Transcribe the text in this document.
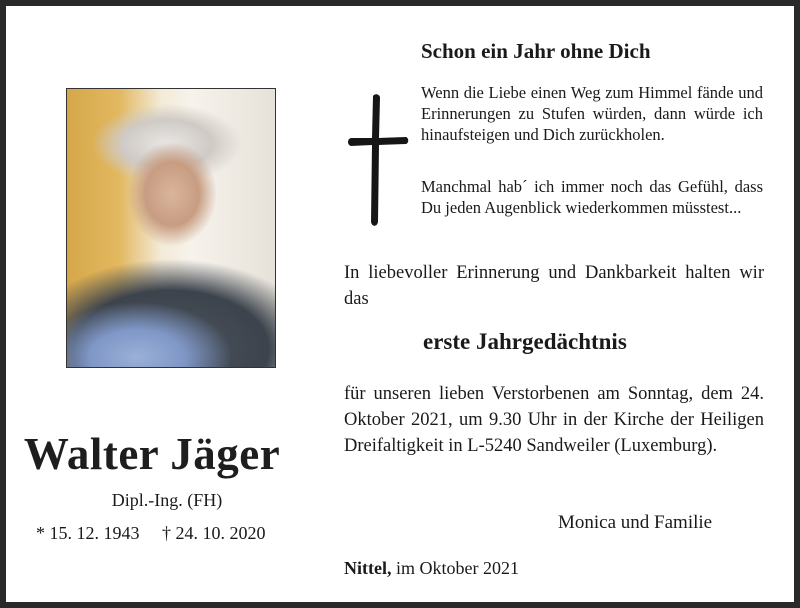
Walter Jäger
Dipl.-Ing. (FH)
* 15. 12. 1943 † 24. 10. 2020
Schon ein Jahr ohne Dich
Wenn die Liebe einen Weg zum Himmel fände und Erinnerungen zu Stufen würden, dann würde ich hinaufsteigen und Dich zurückholen.
Manchmal hab´ ich immer noch das Gefühl, dass Du jeden Augenblick wiederkommen müsstest...
In liebevoller Erinnerung und Dankbarkeit halten wir das
erste Jahrgedächtnis
für unseren lieben Verstorbenen am Sonntag, dem 24. Oktober 2021, um 9.30 Uhr in der Kirche der Heiligen Dreifaltigkeit in L-5240 Sandweiler (Luxemburg).
Monica und Familie
Nittel, im Oktober 2021
